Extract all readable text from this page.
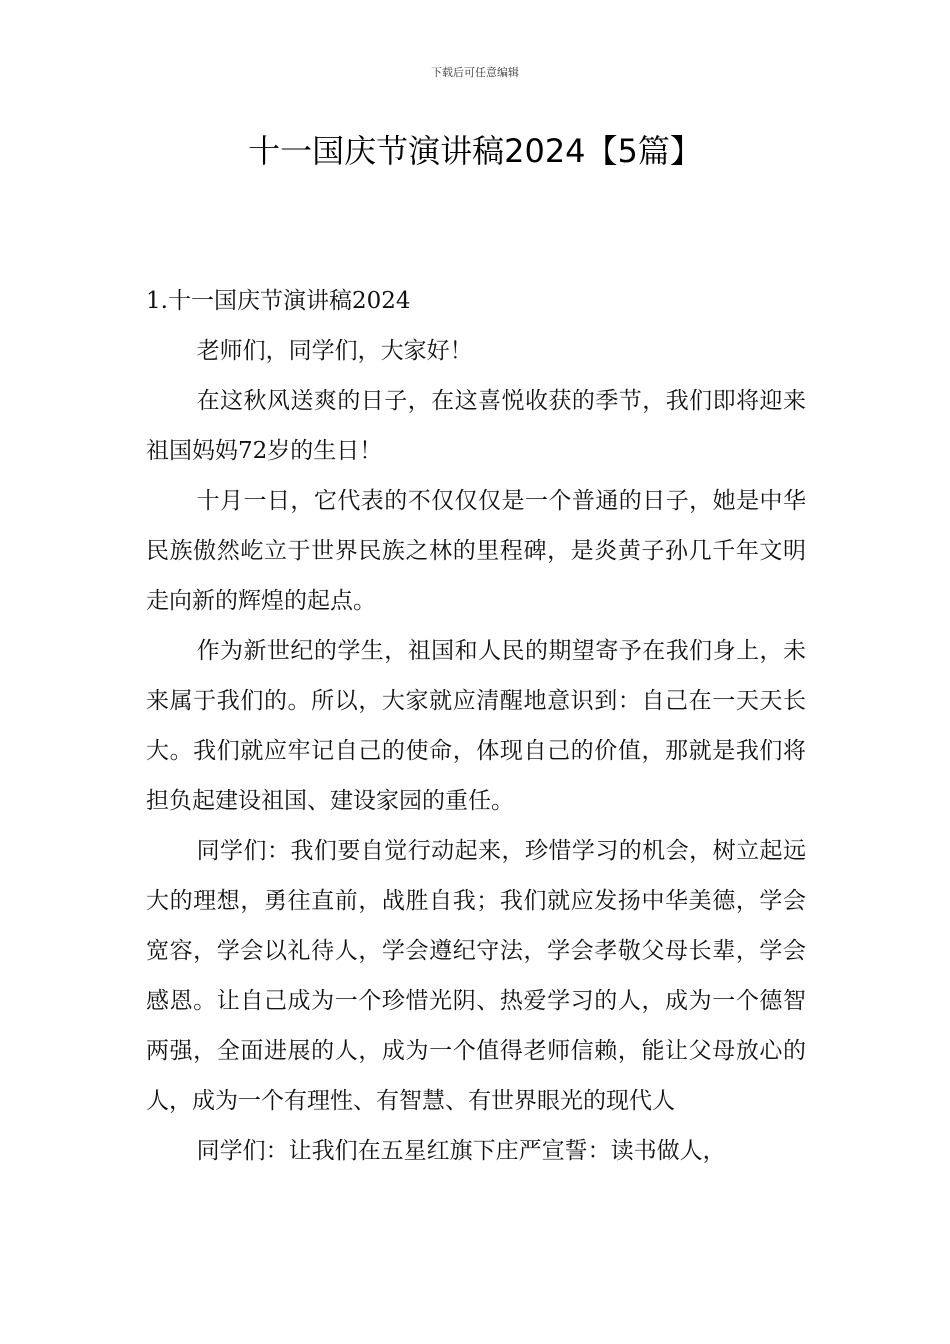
下载后可任意编辑
十一国庆节演讲稿2024【5篇】

1.十一国庆节演讲稿2024

老师们，同学们，大家好！

在这秋风送爽的日子，在这喜悦收获的季节，我们即将迎来祖国妈妈72岁的生日！

十月一日，它代表的不仅仅仅是一个普通的日子，她是中华民族傲然屹立于世界民族之林的里程碑，是炎黄子孙几千年文明走向新的辉煌的起点。

作为新世纪的学生，祖国和人民的期望寄予在我们身上，未来属于我们的。所以，大家就应清醒地意识到：自己在一天天长大。我们就应牢记自己的使命，体现自己的价值，那就是我们将担负起建设祖国、建设家园的重任。

同学们：我们要自觉行动起来，珍惜学习的机会，树立起远大的理想，勇往直前，战胜自我；我们就应发扬中华美德，学会宽容，学会以礼待人，学会遵纪守法，学会孝敬父母长辈，学会感恩。让自己成为一个珍惜光阴、热爱学习的人，成为一个德智两强，全面进展的人，成为一个值得老师信赖，能让父母放心的人，成为一个有理性、有智慧、有世界眼光的现代人

同学们：让我们在五星红旗下庄严宣誓：读书做人，
